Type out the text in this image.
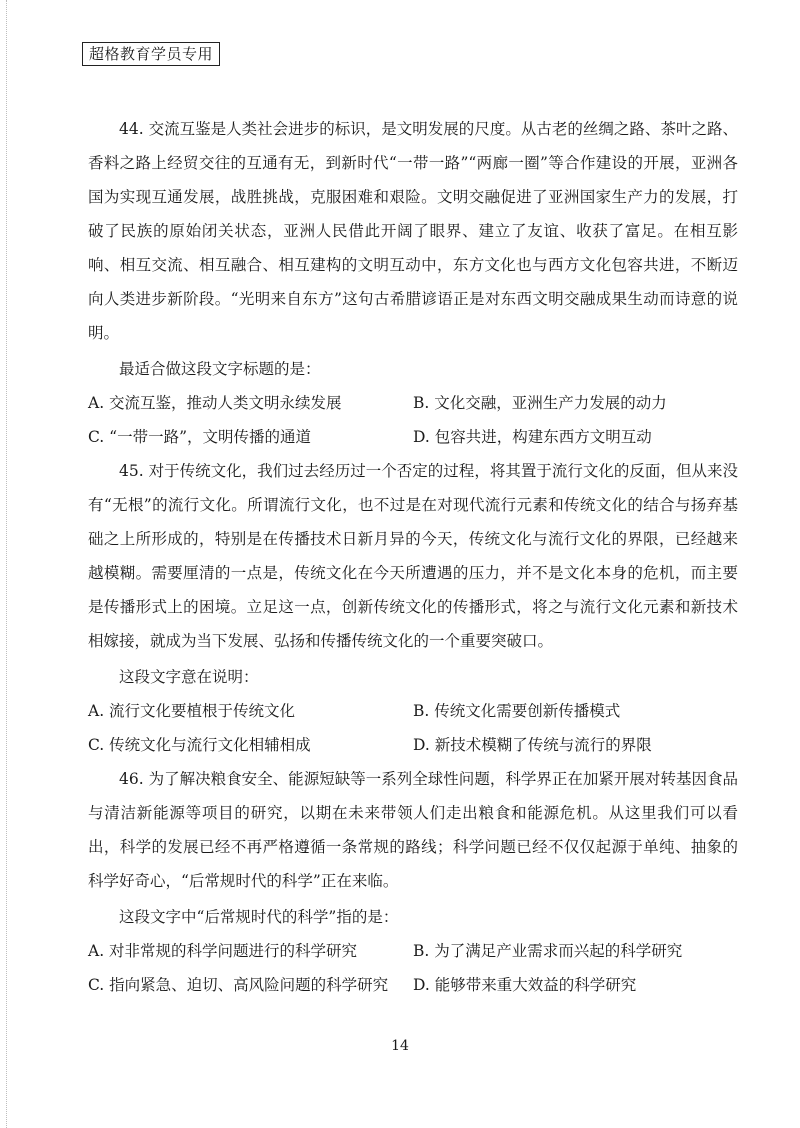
超格教育学员专用

44. 交流互鉴是人类社会进步的标识，是文明发展的尺度。从古老的丝绸之路、茶叶之路、香料之路上经贸交往的互通有无，到新时代“一带一路”“两廊一圈”等合作建设的开展，亚洲各国为实现互通发展，战胜挑战，克服困难和艰险。文明交融促进了亚洲国家生产力的发展，打破了民族的原始闭关状态，亚洲人民借此开阔了眼界、建立了友谊、收获了富足。在相互影响、相互交流、相互融合、相互建构的文明互动中，东方文化也与西方文化包容共进，不断迈向人类进步新阶段。“光明来自东方”这句古希腊谚语正是对东西文明交融成果生动而诗意的说明。

最适合做这段文字标题的是：

A. 交流互鉴，推动人类文明永续发展	B. 文化交融，亚洲生产力发展的动力
C. “一带一路”，文明传播的通道	D. 包容共进，构建东西方文明互动

45. 对于传统文化，我们过去经历过一个否定的过程，将其置于流行文化的反面，但从来没有“无根”的流行文化。所谓流行文化，也不过是在对现代流行元素和传统文化的结合与扬弃基础之上所形成的，特别是在传播技术日新月异的今天，传统文化与流行文化的界限，已经越来越模糊。需要厘清的一点是，传统文化在今天所遭遇的压力，并不是文化本身的危机，而主要是传播形式上的困境。立足这一点，创新传统文化的传播形式，将之与流行文化元素和新技术相嫁接，就成为当下发展、弘扬和传播传统文化的一个重要突破口。

这段文字意在说明：

A. 流行文化要植根于传统文化	B. 传统文化需要创新传播模式
C. 传统文化与流行文化相辅相成	D. 新技术模糊了传统与流行的界限

46. 为了解决粮食安全、能源短缺等一系列全球性问题，科学界正在加紧开展对转基因食品与清洁新能源等项目的研究，以期在未来带领人们走出粮食和能源危机。从这里我们可以看出，科学的发展已经不再严格遵循一条常规的路线；科学问题已经不仅仅起源于单纯、抽象的科学好奇心，“后常规时代的科学”正在来临。

这段文字中“后常规时代的科学”指的是：

A. 对非常规的科学问题进行的科学研究	B. 为了满足产业需求而兴起的科学研究
C. 指向紧急、迫切、高风险问题的科学研究	D. 能够带来重大效益的科学研究
14
